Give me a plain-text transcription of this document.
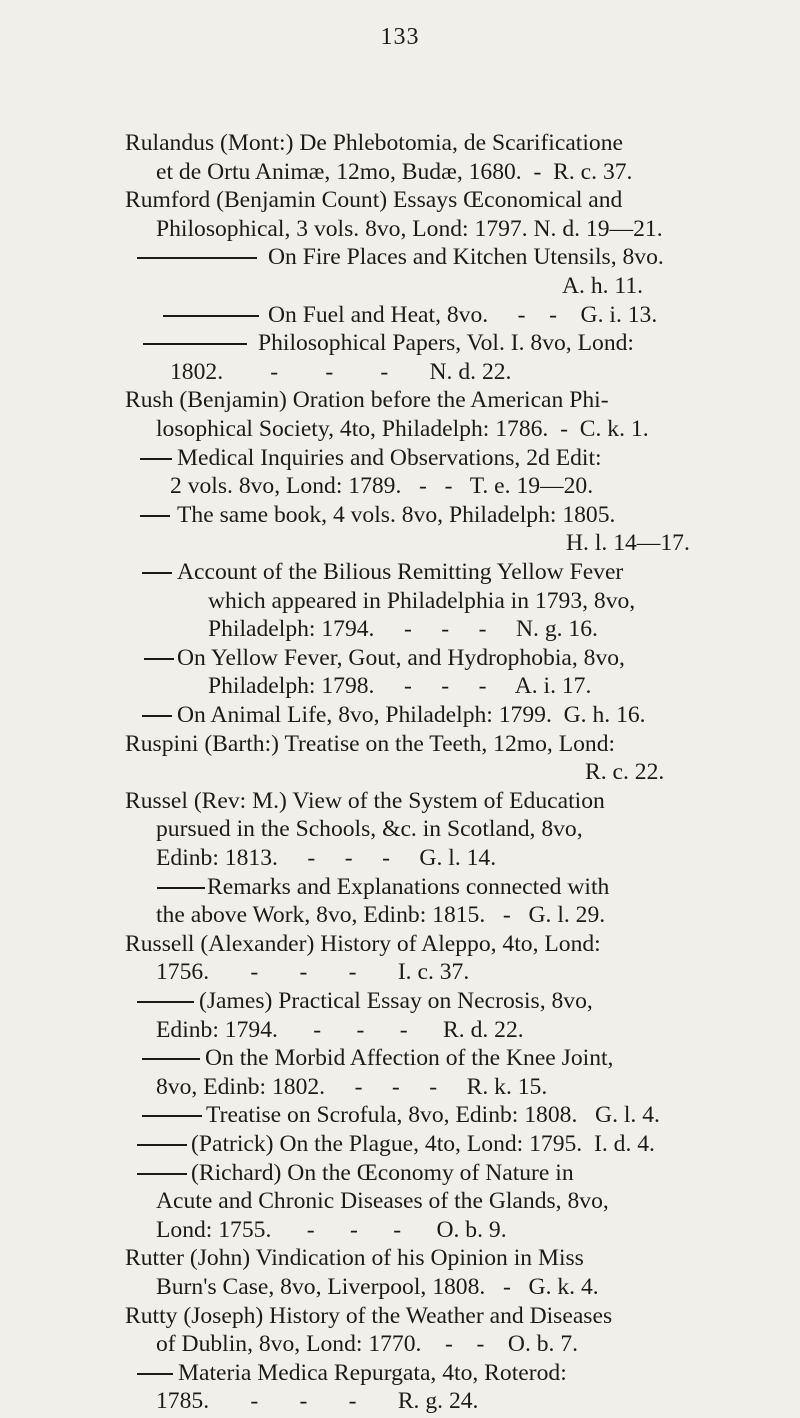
133
Rulandus (Mont:) De Phlebotomia, de Scarificatione
et de Ortu Animæ, 12mo, Budæ, 1680.  -  R. c. 37.
Rumford (Benjamin Count) Essays Œconomical and
Philosophical, 3 vols. 8vo, Lond: 1797. N. d. 19—21.
On Fire Places and Kitchen Utensils, 8vo.
A. h. 11.
On Fuel and Heat, 8vo.     -    -    G. i. 13.
Philosophical Papers, Vol. I. 8vo, Lond:
1802.        -        -        -       N. d. 22.
Rush (Benjamin) Oration before the American Phi-
losophical Society, 4to, Philadelph: 1786.  -  C. k. 1.
Medical Inquiries and Observations, 2d Edit:
2 vols. 8vo, Lond: 1789.   -   -   T. e. 19—20.
The same book, 4 vols. 8vo, Philadelph: 1805.
H. l. 14—17.
Account of the Bilious Remitting Yellow Fever
which appeared in Philadelphia in 1793, 8vo,
Philadelph: 1794.     -     -     -     N. g. 16.
On Yellow Fever, Gout, and Hydrophobia, 8vo,
Philadelph: 1798.     -     -     -     A. i. 17.
On Animal Life, 8vo, Philadelph: 1799.  G. h. 16.
Ruspini (Barth:) Treatise on the Teeth, 12mo, Lond:
R. c. 22.
Russel (Rev: M.) View of the System of Education
pursued in the Schools, &c. in Scotland, 8vo,
Edinb: 1813.     -     -     -     G. l. 14.
Remarks and Explanations connected with
the above Work, 8vo, Edinb: 1815.   -   G. l. 29.
Russell (Alexander) History of Aleppo, 4to, Lond:
1756.       -       -       -       I. c. 37.
(James) Practical Essay on Necrosis, 8vo,
Edinb: 1794.      -      -      -      R. d. 22.
On the Morbid Affection of the Knee Joint,
8vo, Edinb: 1802.     -     -     -     R. k. 15.
Treatise on Scrofula, 8vo, Edinb: 1808.   G. l. 4.
(Patrick) On the Plague, 4to, Lond: 1795.  I. d. 4.
(Richard) On the Œconomy of Nature in
Acute and Chronic Diseases of the Glands, 8vo,
Lond: 1755.      -      -      -      O. b. 9.
Rutter (John) Vindication of his Opinion in Miss
Burn's Case, 8vo, Liverpool, 1808.   -   G. k. 4.
Rutty (Joseph) History of the Weather and Diseases
of Dublin, 8vo, Lond: 1770.    -    -    O. b. 7.
Materia Medica Repurgata, 4to, Roterod:
1785.       -       -       -       R. g. 24.
